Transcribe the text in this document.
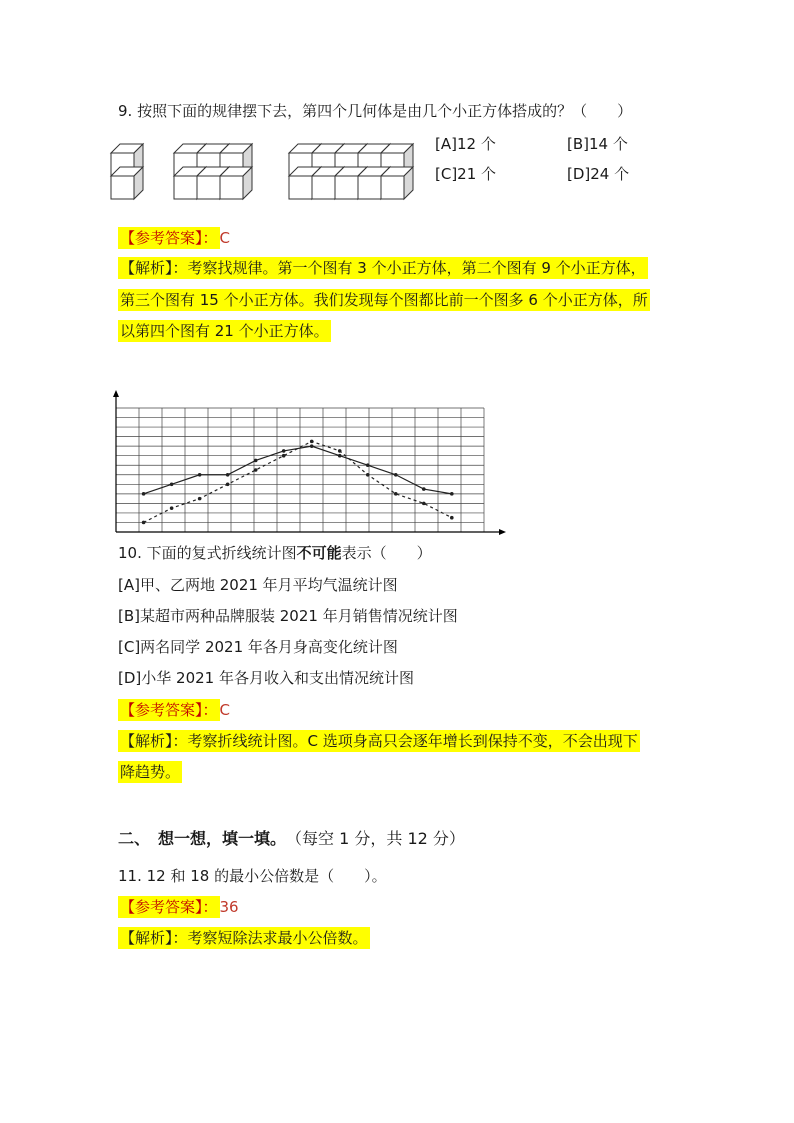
9. 按照下面的规律摆下去，第四个几何体是由几个小正方体搭成的？（　　）
[A]12 个	[B]14 个
[C]21 个	[D]24 个
【参考答案】： C
【解析】：考察找规律。第一个图有 3 个小正方体，第二个图有 9 个小正方体，
第三个图有 15 个小正方体。我们发现每个图都比前一个图多 6 个小正方体，所
以第四个图有 21 个小正方体。
10. 下面的复式折线统计图不可能表示（　　）
[A]甲、乙两地 2021 年月平均气温统计图
[B]某超市两种品牌服装 2021 年月销售情况统计图
[C]两名同学 2021 年各月身高变化统计图
[D]小华 2021 年各月收入和支出情况统计图
【参考答案】： C
【解析】：考察折线统计图。C 选项身高只会逐年增长到保持不变，不会出现下
降趋势。
二、　想一想，填一填。 （每空 1 分，共 12 分）
11. 12 和 18 的最小公倍数是（　　）。
【参考答案】： 36
【解析】：考察短除法求最小公倍数。
